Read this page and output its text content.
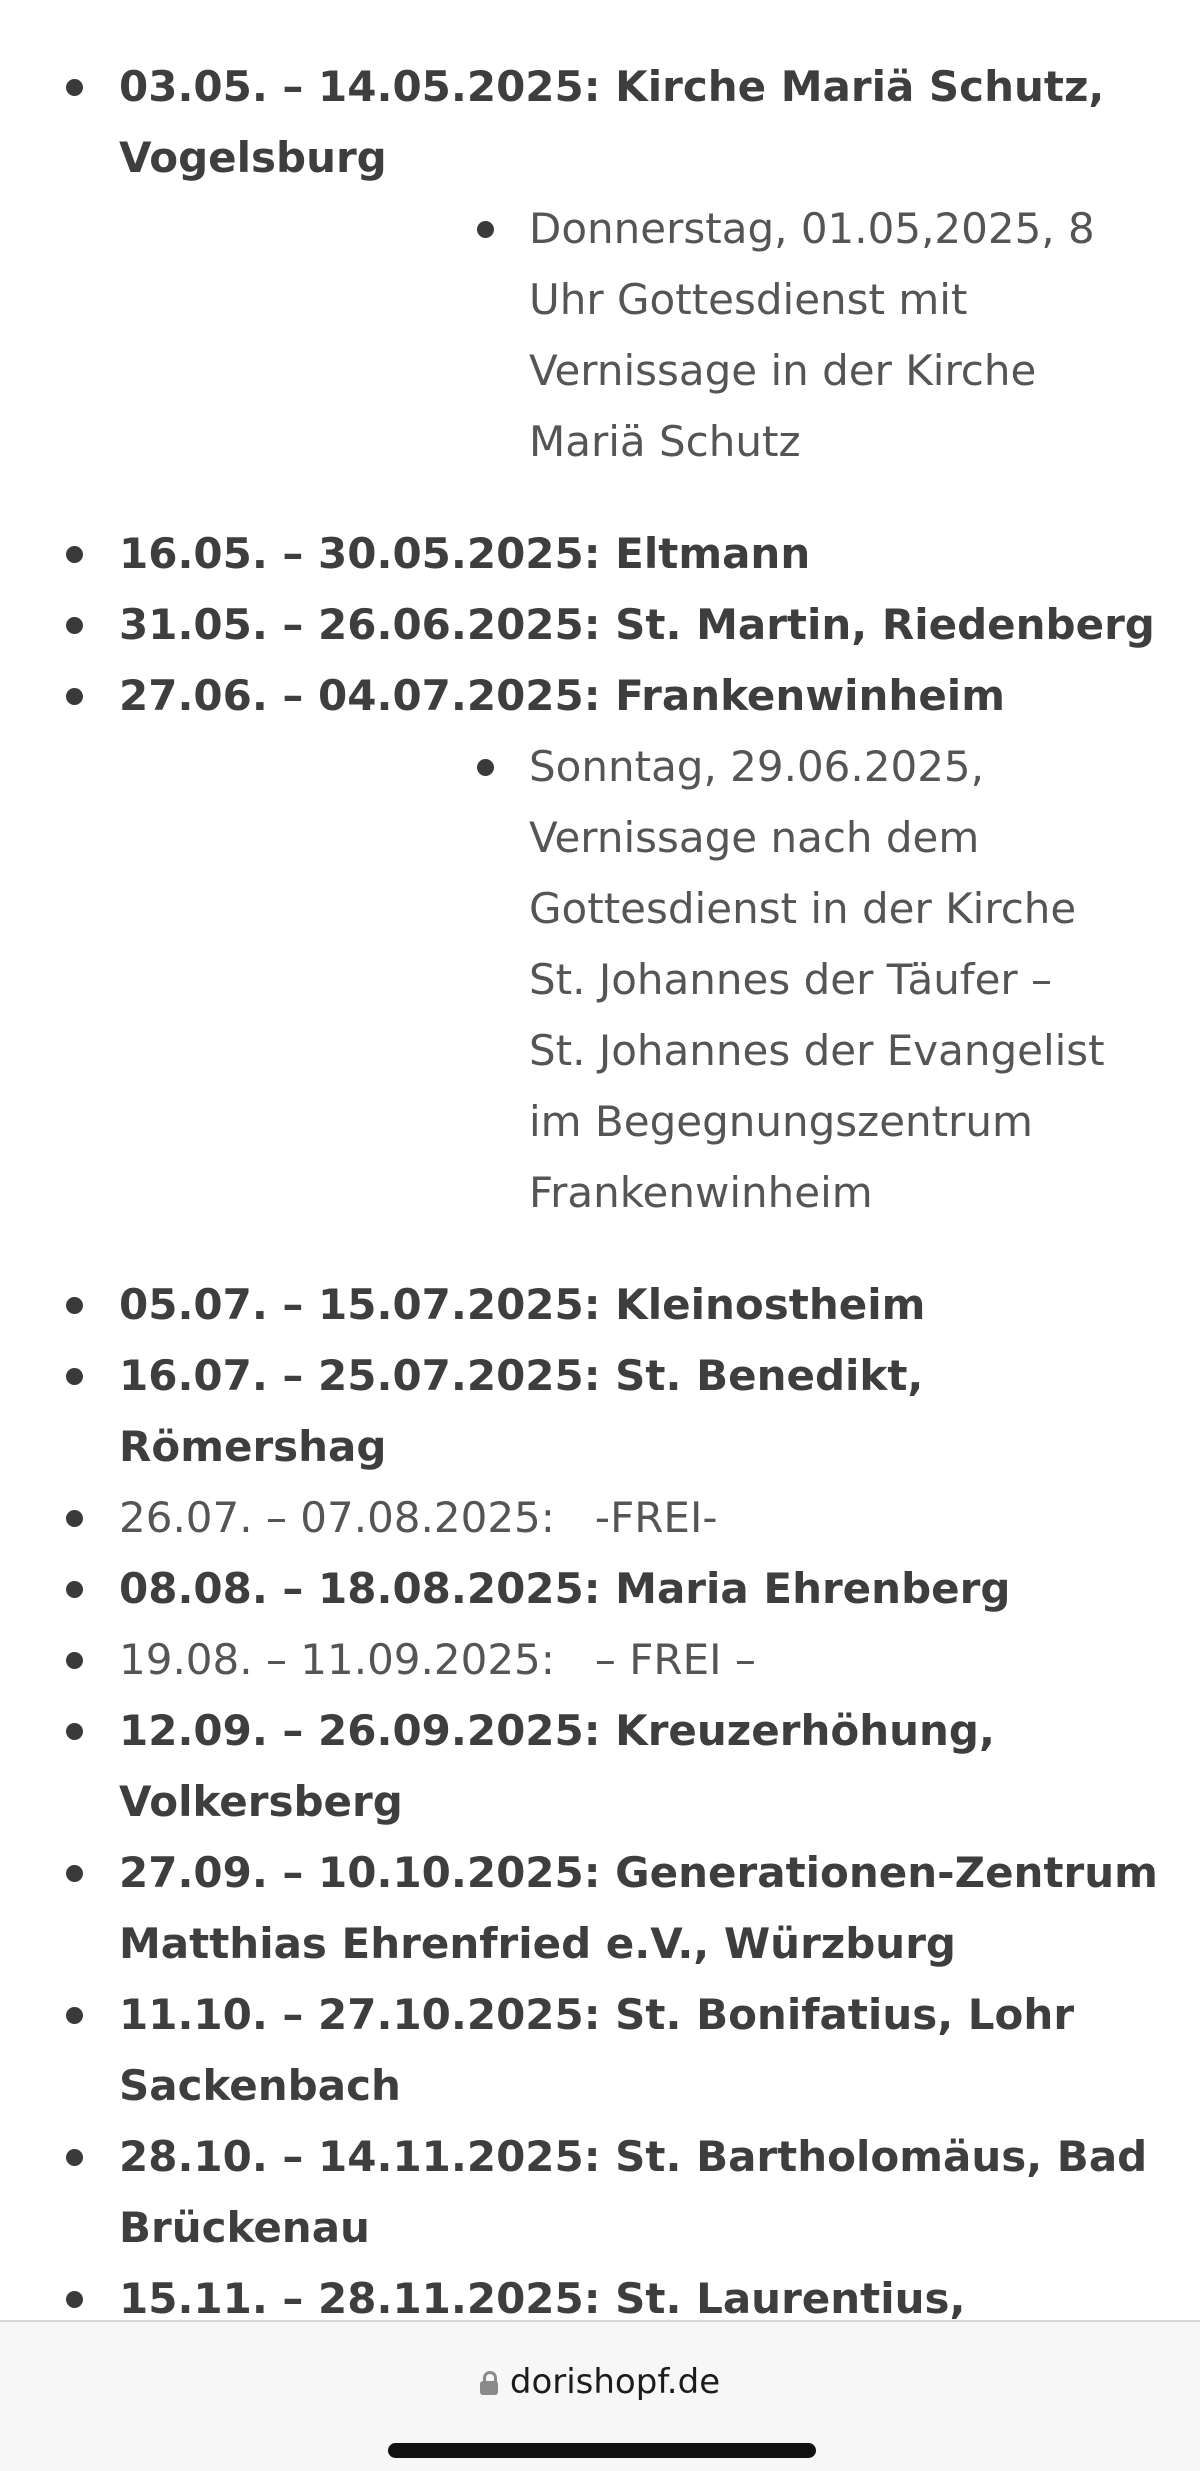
03.05. – 14.05.2025: Kirche Mariä Schutz, Vogelsburg
Donnerstag, 01.05,2025, 8 Uhr Gottesdienst mit Vernissage in der Kirche Mariä Schutz
16.05. – 30.05.2025: Eltmann
31.05. – 26.06.2025: St. Martin, Riedenberg
27.06. – 04.07.2025: Frankenwinheim
Sonntag, 29.06.2025, Vernissage nach dem Gottesdienst in der Kirche St. Johannes der Täufer – St. Johannes der Evangelist im Begegnungszentrum Frankenwinheim
05.07. – 15.07.2025: Kleinostheim
16.07. – 25.07.2025: St. Benedikt, Römershag
26.07. – 07.08.2025: -FREI-
08.08. – 18.08.2025: Maria Ehrenberg
19.08. – 11.09.2025: – FREI –
12.09. – 26.09.2025: Kreuzerhöhung, Volkersberg
27.09. – 10.10.2025: Generationen-Zentrum Matthias Ehrenfried e.V., Würzburg
11.10. – 27.10.2025: St. Bonifatius, Lohr Sackenbach
28.10. – 14.11.2025: St. Bartholomäus, Bad Brückenau
15.11. – 28.11.2025: St. Laurentius,
dorishopf.de
